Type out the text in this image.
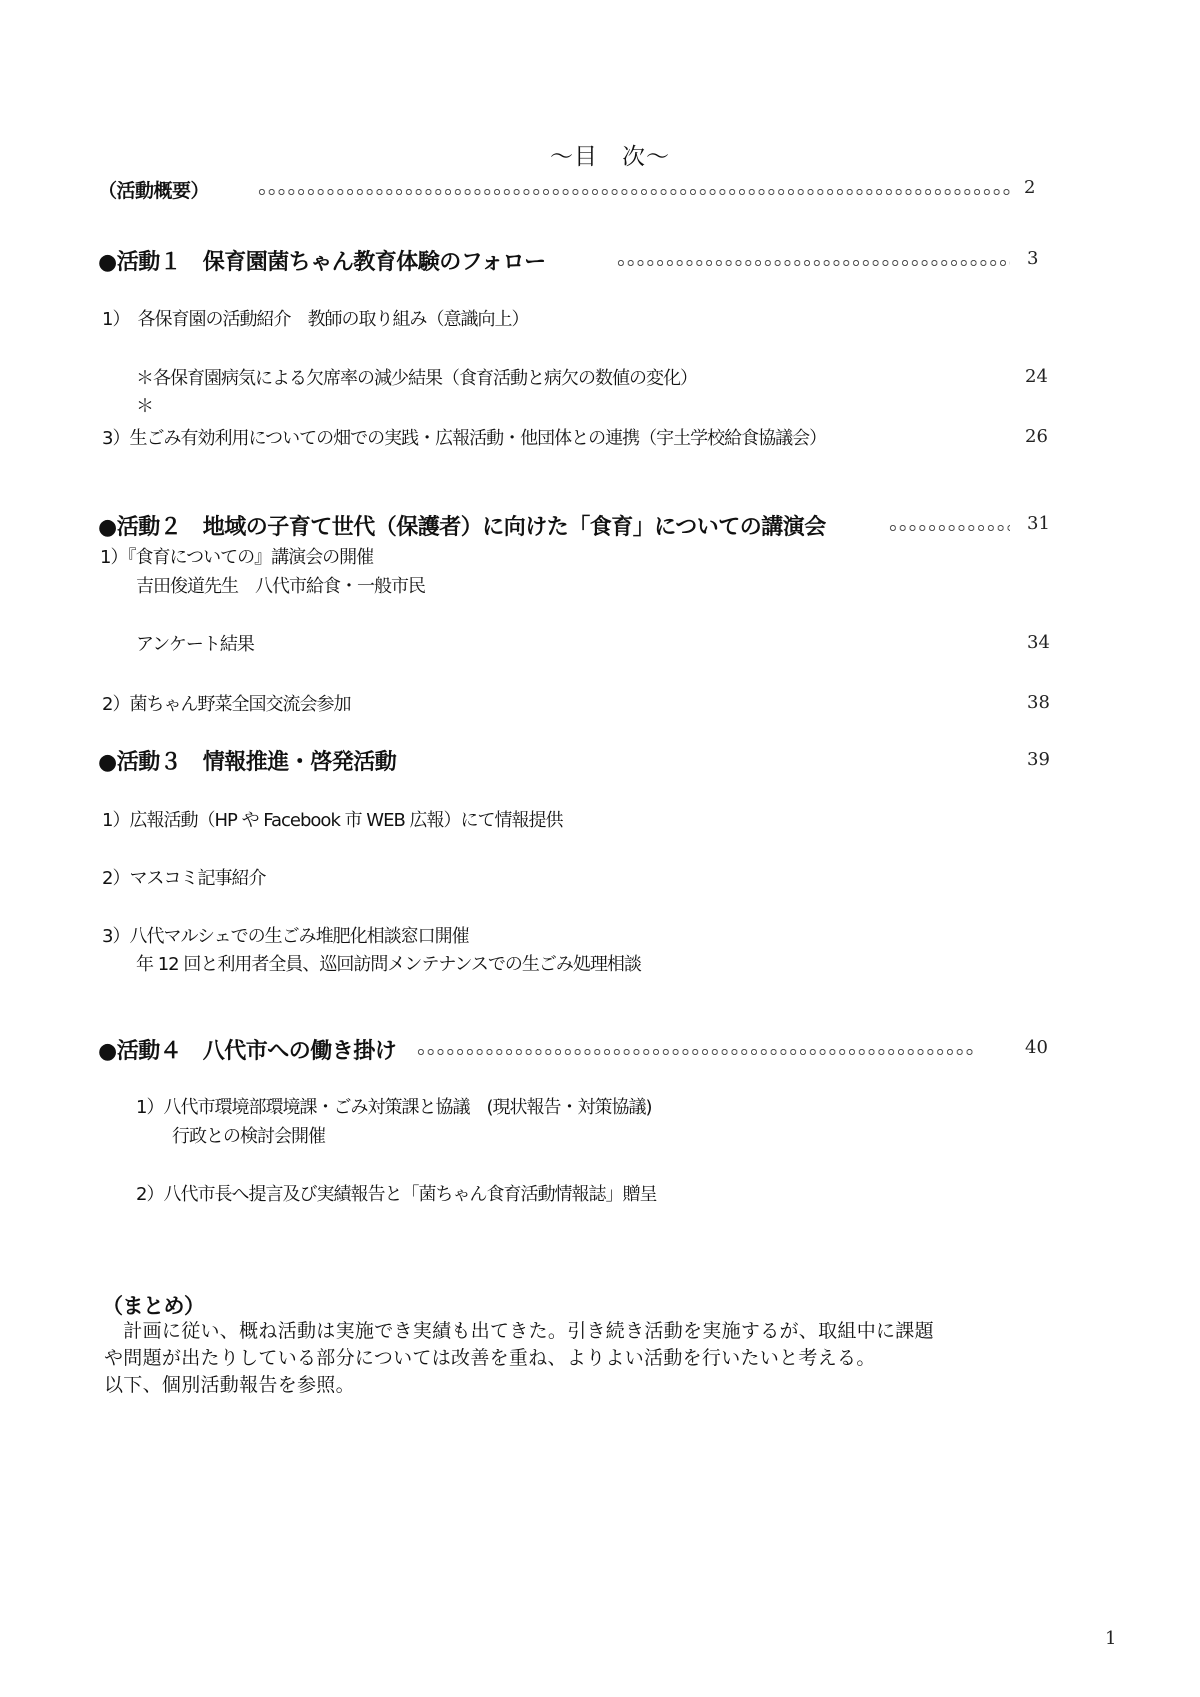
～目　次～
（活動概要）	2
●活動１　保育園菌ちゃん教育体験のフォロー	3
1）　各保育園の活動紹介　教師の取り組み（意識向上）
＊各保育園病気による欠席率の減少結果（食育活動と病欠の数値の変化）	24
＊
3）生ごみ有効利用についての畑での実践・広報活動・他団体との連携（宇土学校給食協議会）	26
●活動２　地域の子育て世代（保護者）に向けた「食育」についての講演会	31
1）『食育についての』講演会の開催
吉田俊道先生　八代市給食・一般市民
アンケート結果	34
2）菌ちゃん野菜全国交流会参加	38
●活動３　情報推進・啓発活動	39
1）広報活動（HP や Facebook 市 WEB 広報）にて情報提供
2）マスコミ記事紹介
3）八代マルシェでの生ごみ堆肥化相談窓口開催
年 12 回と利用者全員、巡回訪問メンテナンスでの生ごみ処理相談
●活動４　八代市への働き掛け	40
1）八代市環境部環境課・ごみ対策課と協議　(現状報告・対策協議)
行政との検討会開催
2）八代市長へ提言及び実績報告と「菌ちゃん食育活動情報誌」贈呈
（まとめ）
　計画に従い、概ね活動は実施でき実績も出てきた。引き続き活動を実施するが、取組中に課題
や問題が出たりしている部分については改善を重ね、よりよい活動を行いたいと考える。
以下、個別活動報告を参照。
1
